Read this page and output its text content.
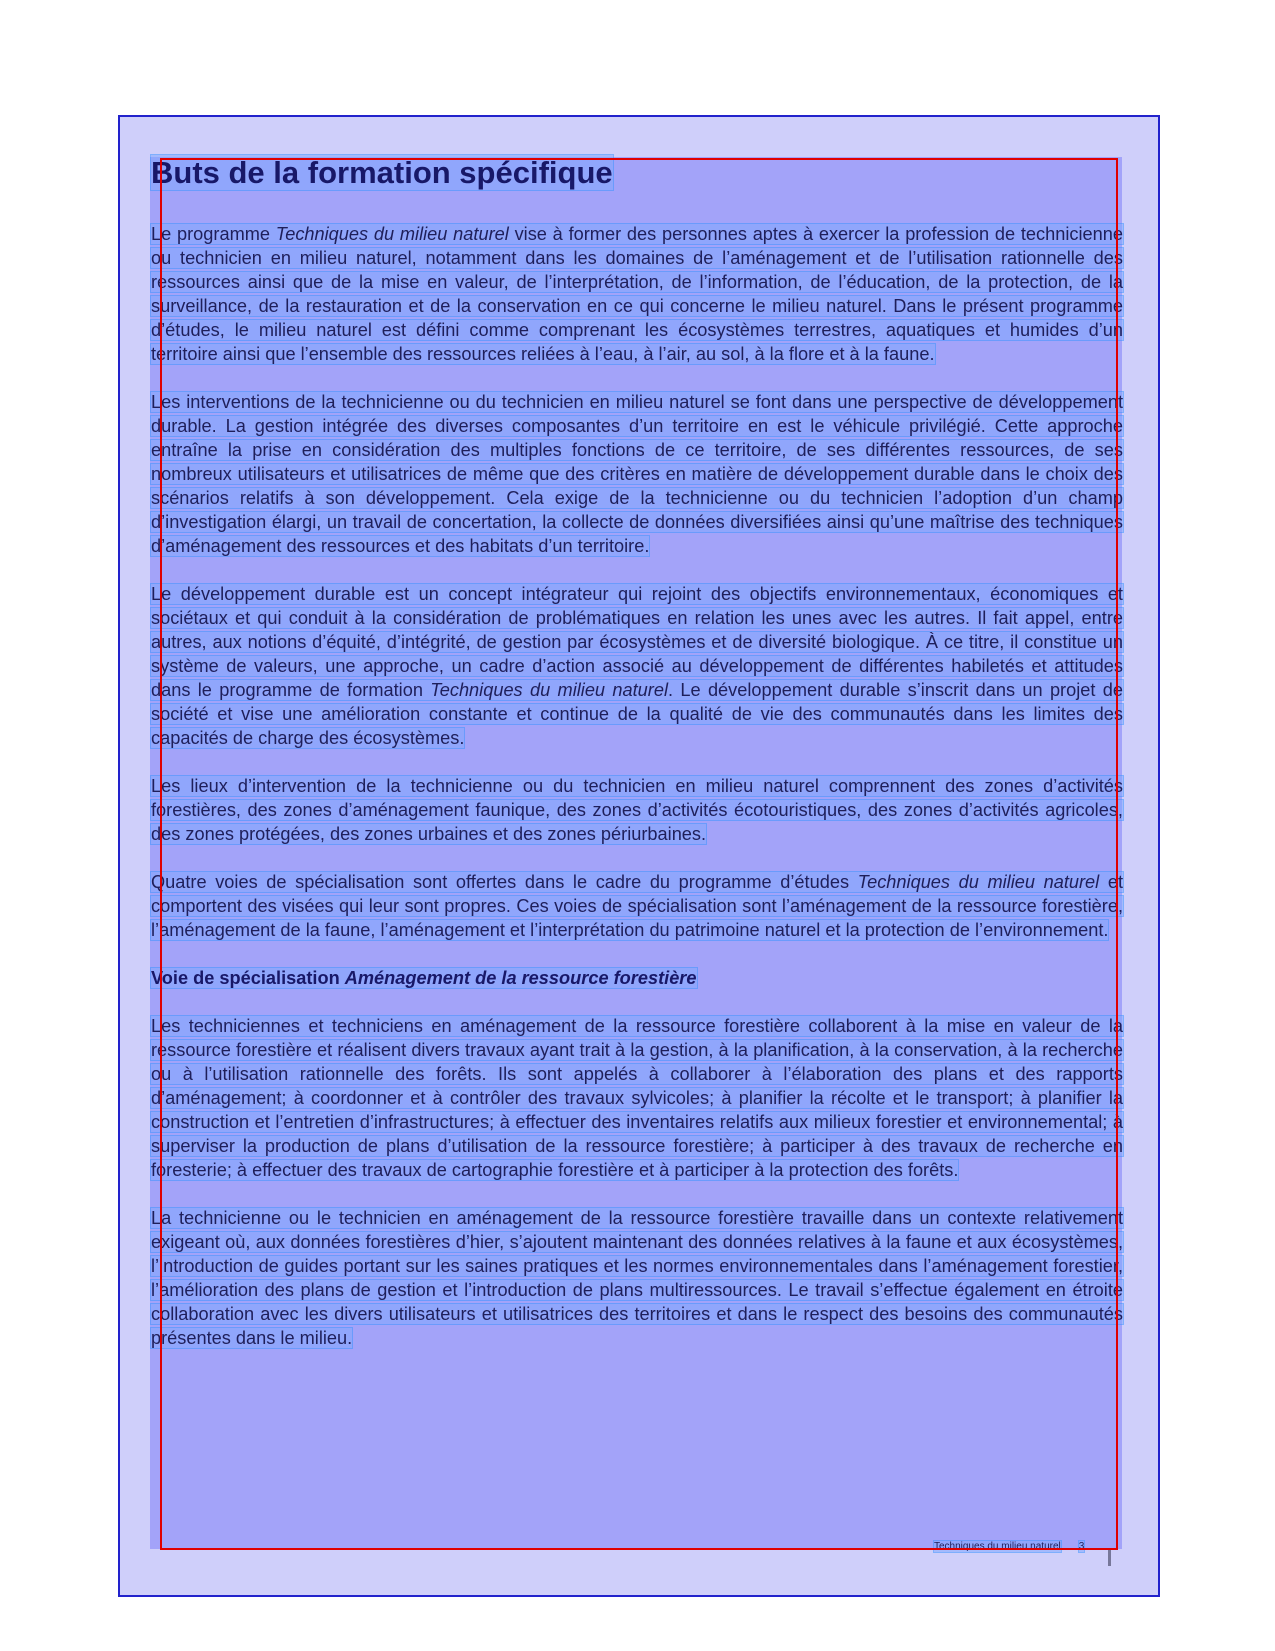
Buts de la formation spécifique

Le programme Techniques du milieu naturel vise à former des personnes aptes à exercer la profession de technicienne ou technicien en milieu naturel, notamment dans les domaines de l’aménagement et de l’utilisation rationnelle des ressources ainsi que de la mise en valeur, de l’interprétation, de l’information, de l’éducation, de la protection, de la surveillance, de la restauration et de la conservation en ce qui concerne le milieu naturel. Dans le présent programme d’études, le milieu naturel est défini comme comprenant les écosystèmes terrestres, aquatiques et humides d’un territoire ainsi que l’ensemble des ressources reliées à l’eau, à l’air, au sol, à la flore et à la faune.

Les interventions de la technicienne ou du technicien en milieu naturel se font dans une perspective de développement durable. La gestion intégrée des diverses composantes d’un territoire en est le véhicule privilégié. Cette approche entraîne la prise en considération des multiples fonctions de ce territoire, de ses différentes ressources, de ses nombreux utilisateurs et utilisatrices de même que des critères en matière de développement durable dans le choix des scénarios relatifs à son développement. Cela exige de la technicienne ou du technicien l’adoption d’un champ d’investigation élargi, un travail de concertation, la collecte de données diversifiées ainsi qu’une maîtrise des techniques d’aménagement des ressources et des habitats d’un territoire.

Le développement durable est un concept intégrateur qui rejoint des objectifs environnementaux, économiques et sociétaux et qui conduit à la considération de problématiques en relation les unes avec les autres. Il fait appel, entre autres, aux notions d’équité, d’intégrité, de gestion par écosystèmes et de diversité biologique. À ce titre, il constitue un système de valeurs, une approche, un cadre d’action associé au développement de différentes habiletés et attitudes dans le programme de formation Techniques du milieu naturel. Le développement durable s’inscrit dans un projet de société et vise une amélioration constante et continue de la qualité de vie des communautés dans les limites des capacités de charge des écosystèmes.

Les lieux d’intervention de la technicienne ou du technicien en milieu naturel comprennent des zones d’activités forestières, des zones d’aménagement faunique, des zones d’activités écotouristiques, des zones d’activités agricoles, des zones protégées, des zones urbaines et des zones périurbaines.

Quatre voies de spécialisation sont offertes dans le cadre du programme d’études Techniques du milieu naturel et comportent des visées qui leur sont propres. Ces voies de spécialisation sont l’aménagement de la ressource forestière, l’aménagement de la faune, l’aménagement et l’interprétation du patrimoine naturel et la protection de l’environnement.

Voie de spécialisation Aménagement de la ressource forestière

Les techniciennes et techniciens en aménagement de la ressource forestière collaborent à la mise en valeur de la ressource forestière et réalisent divers travaux ayant trait à la gestion, à la planification, à la conservation, à la recherche ou à l’utilisation rationnelle des forêts. Ils sont appelés à collaborer à l’élaboration des plans et des rapports d’aménagement; à coordonner et à contrôler des travaux sylvicoles; à planifier la récolte et le transport; à planifier la construction et l’entretien d’infrastructures; à effectuer des inventaires relatifs aux milieux forestier et environnemental; à superviser la production de plans d’utilisation de la ressource forestière; à participer à des travaux de recherche en foresterie; à effectuer des travaux de cartographie forestière et à participer à la protection des forêts.

La technicienne ou le technicien en aménagement de la ressource forestière travaille dans un contexte relativement exigeant où, aux données forestières d’hier, s’ajoutent maintenant des données relatives à la faune et aux écosystèmes, l’introduction de guides portant sur les saines pratiques et les normes environnementales dans l’aménagement forestier, l’amélioration des plans de gestion et l’introduction de plans multiressources. Le travail s’effectue également en étroite collaboration avec les divers utilisateurs et utilisatrices des territoires et dans le respect des besoins des communautés présentes dans le milieu.

Techniques du milieu naturel 3
